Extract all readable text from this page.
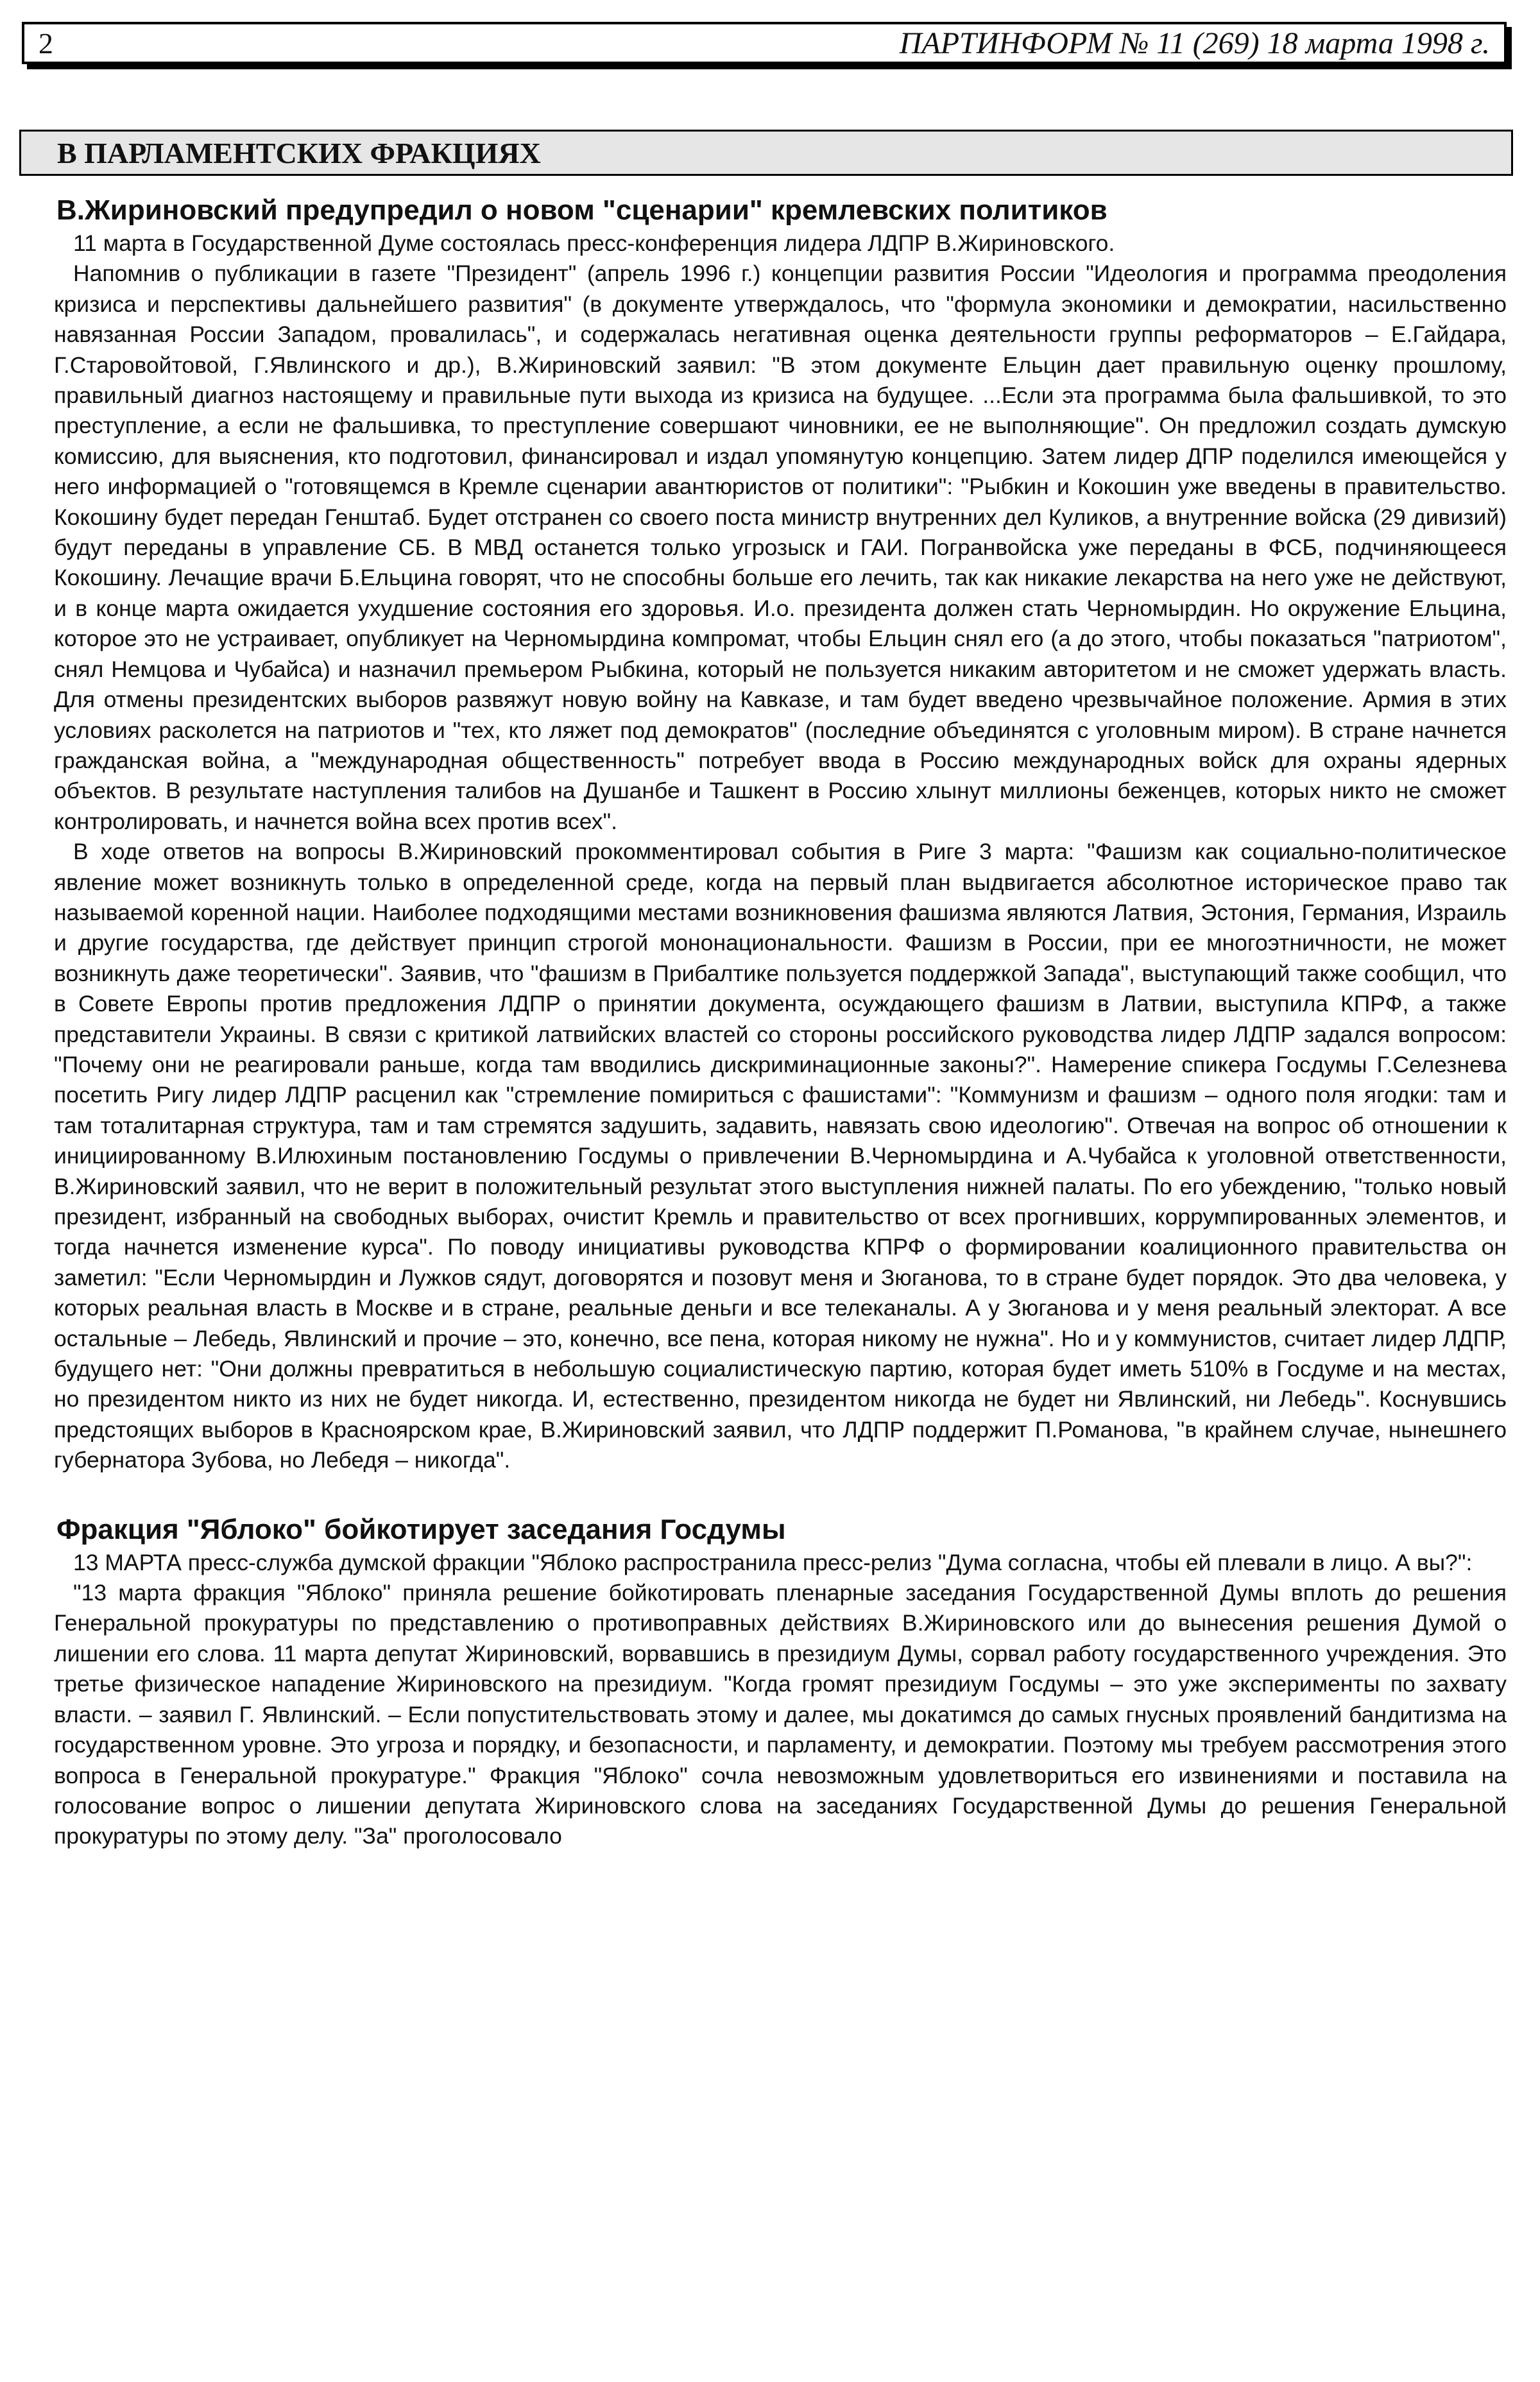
2	ПАРТИНФОРМ № 11 (269) 18 марта 1998 г.
В ПАРЛАМЕНТСКИХ ФРАКЦИЯХ
В.Жириновский предупредил о новом "сценарии" кремлевских политиков

11 марта в Государственной Думе состоялась пресс-конференция лидера ЛДПР В.Жириновского.

Напомнив о публикации в газете "Президент" (апрель 1996 г.) концепции развития России "Идеология и программа преодоления кризиса и перспективы дальнейшего развития" (в документе утверждалось, что "формула экономики и демократии, насильственно навязанная России Западом, провалилась", и содержалась негативная оценка деятельности группы реформаторов – Е.Гайдара, Г.Старовойтовой, Г.Явлинского и др.), В.Жириновский заявил: "В этом документе Ельцин дает правильную оценку прошлому, правильный диагноз настоящему и правильные пути выхода из кризиса на будущее. ...Если эта программа была фальшивкой, то это преступление, а если не фальшивка, то преступление совершают чиновники, ее не выполняющие". Он предложил создать думскую комиссию, для выяснения, кто подготовил, финансировал и издал упомянутую концепцию. Затем лидер ДПР поделился имеющейся у него информацией о "готовящемся в Кремле сценарии авантюристов от политики": "Рыбкин и Кокошин уже введены в правительство. Кокошину будет передан Генштаб. Будет отстранен со своего поста министр внутренних дел Куликов, а внутренние войска (29 дивизий) будут переданы в управление СБ. В МВД останется только угрозыск и ГАИ. Погранвойска уже переданы в ФСБ, подчиняющееся Кокошину. Лечащие врачи Б.Ельцина говорят, что не способны больше его лечить, так как никакие лекарства на него уже не действуют, и в конце марта ожидается ухудшение состояния его здоровья. И.о. президента должен стать Черномырдин. Но окружение Ельцина, которое это не устраивает, опубликует на Черномырдина компромат, чтобы Ельцин снял его (а до этого, чтобы показаться "патриотом", снял Немцова и Чубайса) и назначил премьером Рыбкина, который не пользуется никаким авторитетом и не сможет удержать власть. Для отмены президентских выборов развяжут новую войну на Кавказе, и там будет введено чрезвычайное положение. Армия в этих условиях расколется на патриотов и "тех, кто ляжет под демократов" (последние объединятся с уголовным миром). В стране начнется гражданская война, а "международная общественность" потребует ввода в Россию международных войск для охраны ядерных объектов. В результате наступления талибов на Душанбе и Ташкент в Россию хлынут миллионы беженцев, которых никто не сможет контролировать, и начнется война всех против всех".

В ходе ответов на вопросы В.Жириновский прокомментировал события в Риге 3 марта: "Фашизм как социально-политическое явление может возникнуть только в определенной среде, когда на первый план выдвигается абсолютное историческое право так называемой коренной нации. Наиболее подходящими местами возникновения фашизма являются Латвия, Эстония, Германия, Израиль и другие государства, где действует принцип строгой мононациональности. Фашизм в России, при ее многоэтничности, не может возникнуть даже теоретически". Заявив, что "фашизм в Прибалтике пользуется поддержкой Запада", выступающий также сообщил, что в Совете Европы против предложения ЛДПР о принятии документа, осуждающего фашизм в Латвии, выступила КПРФ, а также представители Украины. В связи с критикой латвийских властей со стороны российского руководства лидер ЛДПР задался вопросом: "Почему они не реагировали раньше, когда там вводились дискриминационные законы?". Намерение спикера Госдумы Г.Селезнева посетить Ригу лидер ЛДПР расценил как "стремление помириться с фашистами": "Коммунизм и фашизм – одного поля ягодки: там и там тоталитарная структура, там и там стремятся задушить, задавить, навязать свою идеологию". Отвечая на вопрос об отношении к инициированному В.Илюхиным постановлению Госдумы о привлечении В.Черномырдина и А.Чубайса к уголовной ответственности, В.Жириновский заявил, что не верит в положительный результат этого выступления нижней палаты. По его убеждению, "только новый президент, избранный на свободных выборах, очистит Кремль и правительство от всех прогнивших, коррумпированных элементов, и тогда начнется изменение курса". По поводу инициативы руководства КПРФ о формировании коалиционного правительства он заметил: "Если Черномырдин и Лужков сядут, договорятся и позовут меня и Зюганова, то в стране будет порядок. Это два человека, у которых реальная власть в Москве и в стране, реальные деньги и все телеканалы. А у Зюганова и у меня реальный электорат. А все остальные – Лебедь, Явлинский и прочие – это, конечно, все пена, которая никому не нужна". Но и у коммунистов, считает лидер ЛДПР, будущего нет: "Они должны превратиться в небольшую социалистическую партию, которая будет иметь 510% в Госдуме и на местах, но президентом никто из них не будет никогда. И, естественно, президентом никогда не будет ни Явлинский, ни Лебедь". Коснувшись предстоящих выборов в Красноярском крае, В.Жириновский заявил, что ЛДПР поддержит П.Романова, "в крайнем случае, нынешнего губернатора Зубова, но Лебедя – никогда".

Фракция "Яблоко" бойкотирует заседания Госдумы

13 МАРТА пресс-служба думской фракции "Яблоко распространила пресс-релиз "Дума согласна, чтобы ей плевали в лицо. А вы?":

"13 марта фракция "Яблоко" приняла решение бойкотировать пленарные заседания Государственной Думы вплоть до решения Генеральной прокуратуры по представлению о противоправных действиях В.Жириновского или до вынесения решения Думой о лишении его слова. 11 марта депутат Жириновский, ворвавшись в президиум Думы, сорвал работу государственного учреждения. Это третье физическое нападение Жириновского на президиум. "Когда громят президиум Госдумы – это уже эксперименты по захвату власти. – заявил Г. Явлинский. – Если попустительствовать этому и далее, мы докатимся до самых гнусных проявлений бандитизма на государственном уровне. Это угроза и порядку, и безопасности, и парламенту, и демократии. Поэтому мы требуем рассмотрения этого вопроса в Генеральной прокуратуре." Фракция "Яблоко" сочла невозможным удовлетвориться его извинениями и поставила на голосование вопрос о лишении депутата Жириновского слова на заседаниях Государственной Думы до решения Генеральной прокуратуры по этому делу. "За" проголосовало
